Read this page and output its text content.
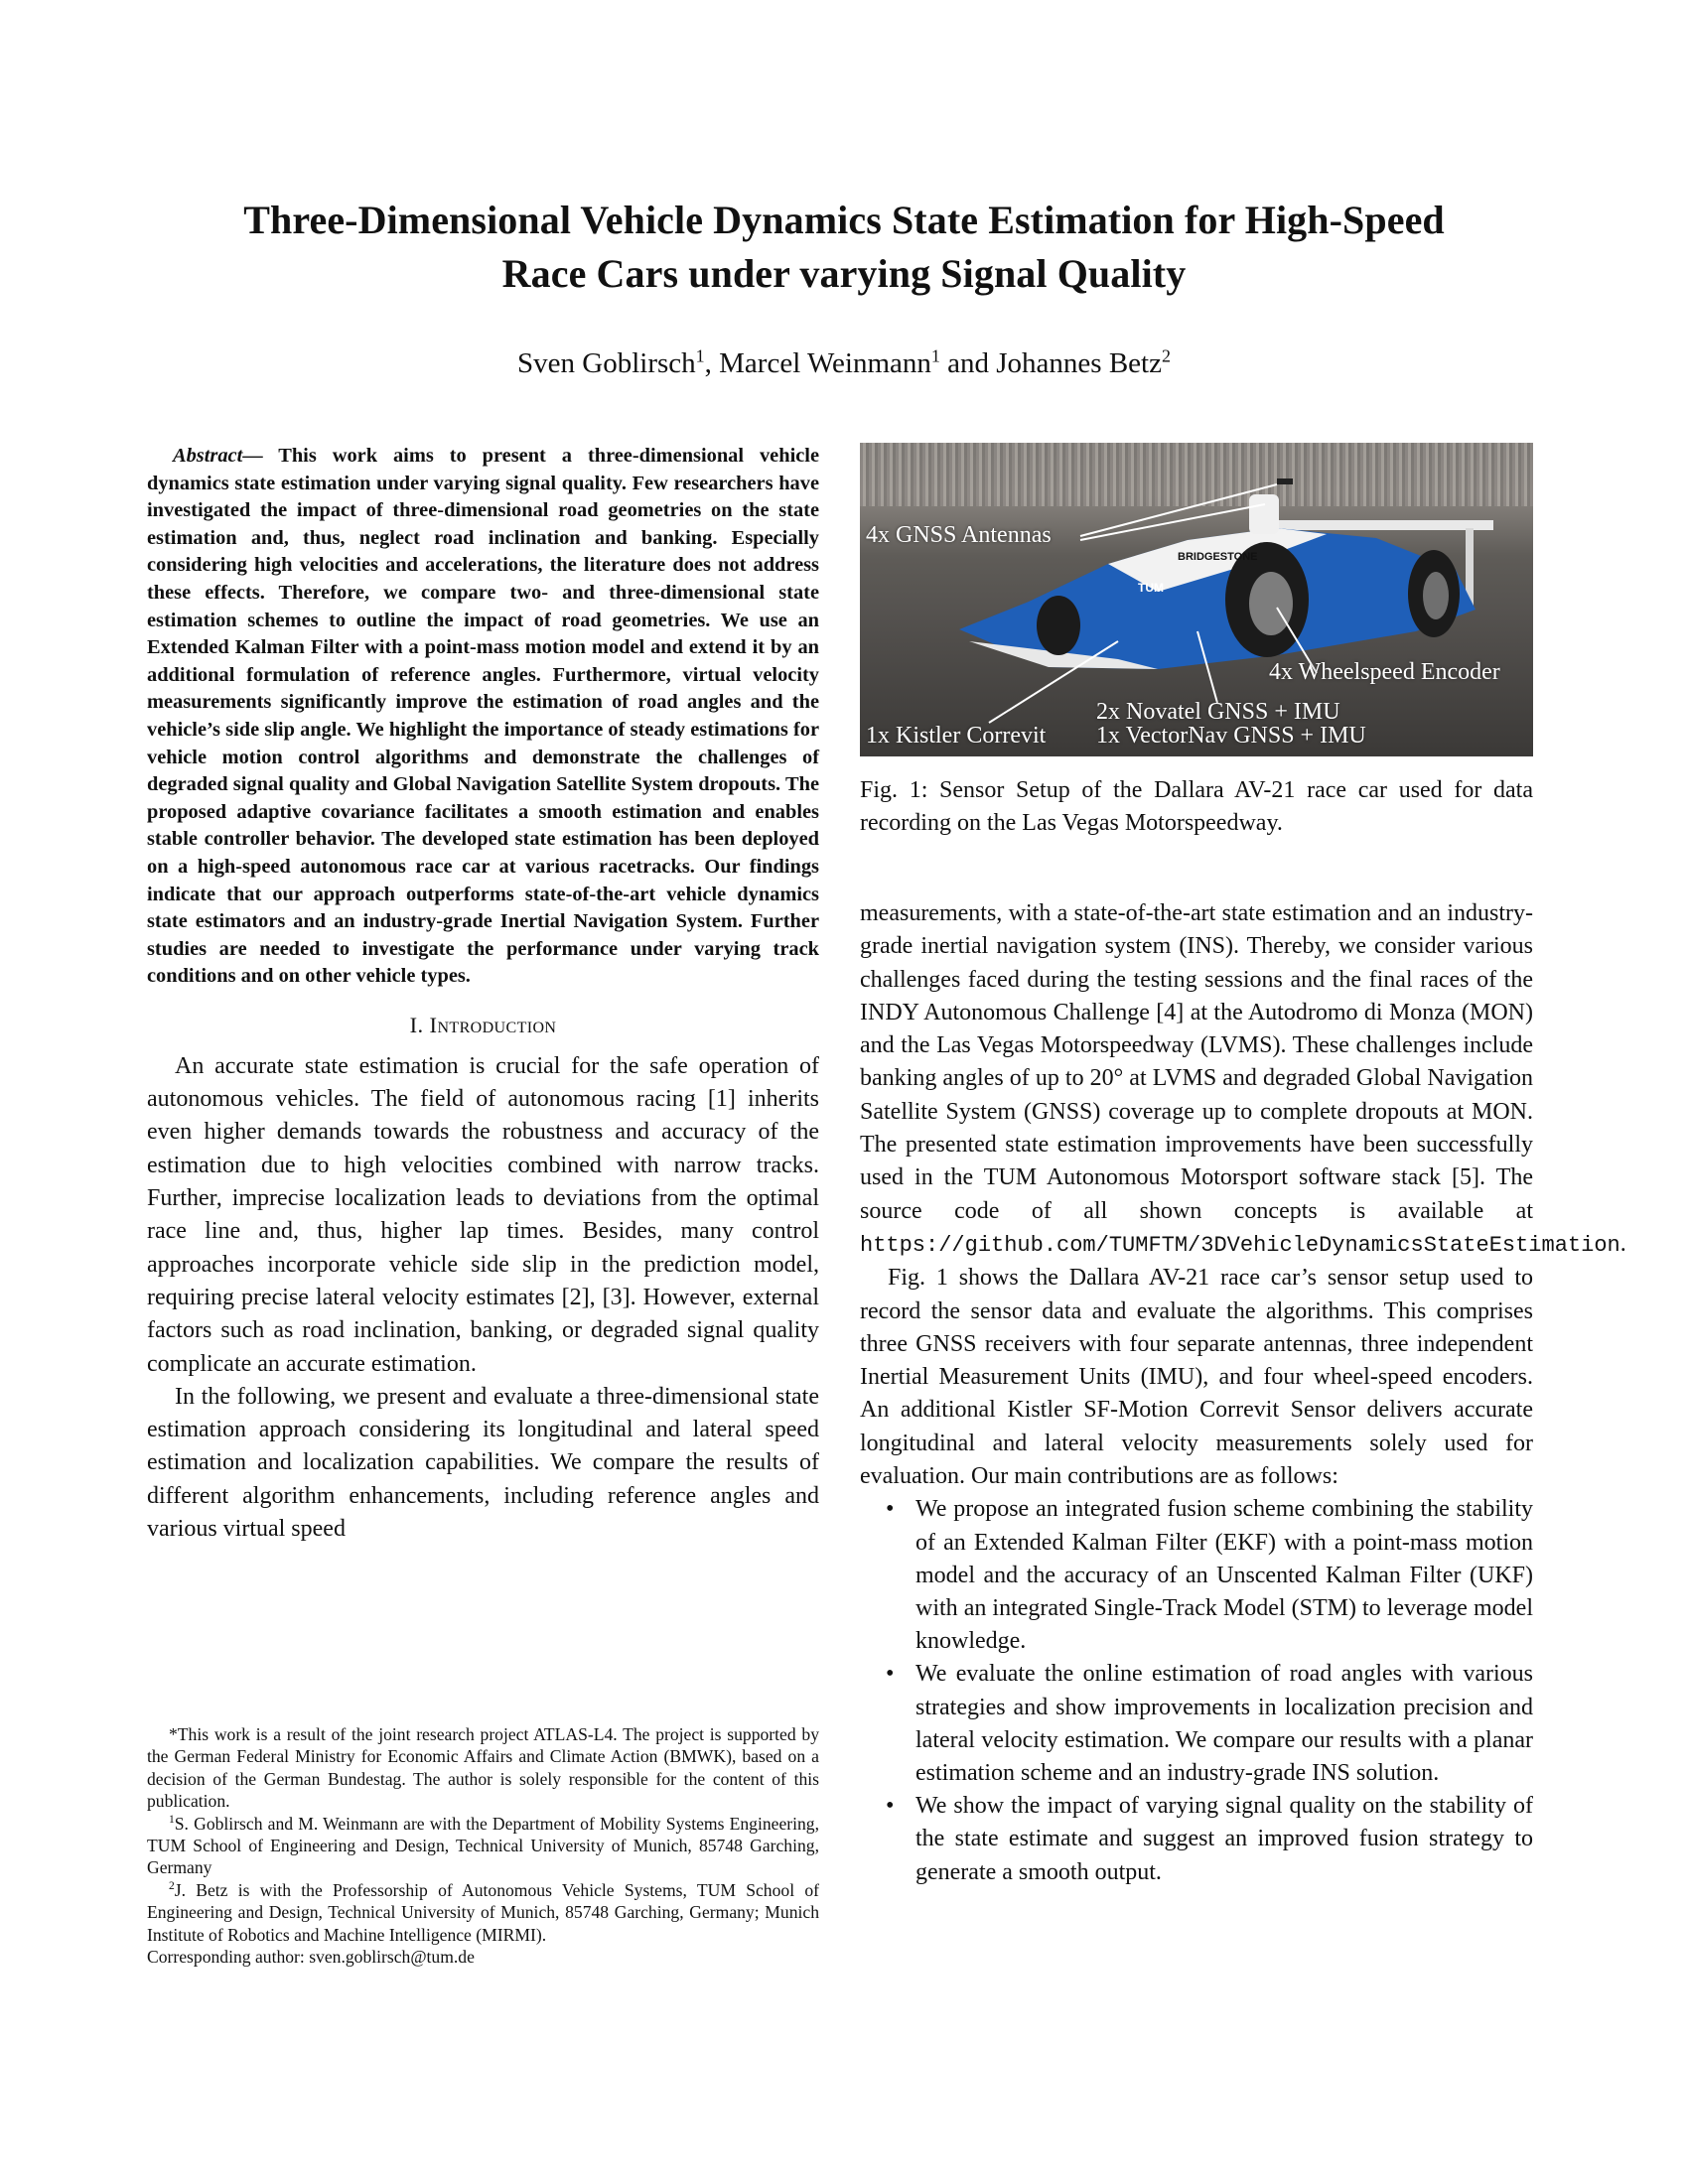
Three-Dimensional Vehicle Dynamics State Estimation for High-Speed
Race Cars under varying Signal Quality
Sven Goblirsch$^1$, Marcel Weinmann$^1$ and Johannes Betz$^2$

Abstract— This work aims to present a three-dimensional vehicle dynamics state estimation under varying signal quality. Few researchers have investigated the impact of three-dimensional road geometries on the state estimation and, thus, neglect road inclination and banking. Especially considering high velocities and accelerations, the literature does not address these effects. Therefore, we compare two- and three-dimensional state estimation schemes to outline the impact of road geometries. We use an Extended Kalman Filter with a point-mass motion model and extend it by an additional formulation of reference angles. Furthermore, virtual velocity measurements significantly improve the estimation of road angles and the vehicle’s side slip angle. We highlight the importance of steady estimations for vehicle motion control algorithms and demonstrate the challenges of degraded signal quality and Global Navigation Satellite System dropouts. The proposed adaptive covariance facilitates a smooth estimation and enables stable controller behavior. The developed state estimation has been deployed on a high-speed autonomous race car at various racetracks. Our findings indicate that our approach outperforms state-of-the-art vehicle dynamics state estimators and an industry-grade Inertial Navigation System. Further studies are needed to investigate the performance under varying track conditions and on other vehicle types.

I. Introduction

An accurate state estimation is crucial for the safe operation of autonomous vehicles. The field of autonomous racing [1] inherits even higher demands towards the robustness and accuracy of the estimation due to high velocities combined with narrow tracks. Further, imprecise localization leads to deviations from the optimal race line and, thus, higher lap times. Besides, many control approaches incorporate vehicle side slip in the prediction model, requiring precise lateral velocity estimates [2], [3]. However, external factors such as road inclination, banking, or degraded signal quality complicate an accurate estimation.

In the following, we present and evaluate a three-dimensional state estimation approach considering its longitudinal and lateral speed estimation and localization capabilities. We compare the results of different algorithm enhancements, including reference angles and various virtual speed

*This work is a result of the joint research project ATLAS-L4. The project is supported by the German Federal Ministry for Economic Affairs and Climate Action (BMWK), based on a decision of the German Bundestag. The author is solely responsible for the content of this publication.

$^1$S. Goblirsch and M. Weinmann are with the Department of Mobility Systems Engineering, TUM School of Engineering and Design, Technical University of Munich, 85748 Garching, Germany

$^2$J. Betz is with the Professorship of Autonomous Vehicle Systems, TUM School of Engineering and Design, Technical University of Munich, 85748 Garching, Germany; Munich Institute of Robotics and Machine Intelligence (MIRMI).

Corresponding author: sven.goblirsch@tum.de

BRIDGESTONE
TUM
4x GNSS Antennas
4x Wheelspeed Encoder
2x Novatel GNSS + IMU
1x VectorNav GNSS + IMU
1x Kistler Correvit

Fig. 1: Sensor Setup of the Dallara AV-21 race car used for data recording on the Las Vegas Motorspeedway.

measurements, with a state-of-the-art state estimation and an industry-grade inertial navigation system (INS). Thereby, we consider various challenges faced during the testing sessions and the final races of the INDY Autonomous Challenge [4] at the Autodromo di Monza (MON) and the Las Vegas Motorspeedway (LVMS). These challenges include banking angles of up to 20° at LVMS and degraded Global Navigation Satellite System (GNSS) coverage up to complete dropouts at MON. The presented state estimation improvements have been successfully used in the TUM Autonomous Motorsport software stack [5]. The source code of all shown concepts is available at https://github.com/TUMFTM/3DVehicleDynamicsStateEstimation.

Fig. 1 shows the Dallara AV-21 race car’s sensor setup used to record the sensor data and evaluate the algorithms. This comprises three GNSS receivers with four separate antennas, three independent Inertial Measurement Units (IMU), and four wheel-speed encoders. An additional Kistler SF-Motion Correvit Sensor delivers accurate longitudinal and lateral velocity measurements solely used for evaluation. Our main contributions are as follows:

• We propose an integrated fusion scheme combining the stability of an Extended Kalman Filter (EKF) with a point-mass motion model and the accuracy of an Unscented Kalman Filter (UKF) with an integrated Single-Track Model (STM) to leverage model knowledge.
• We evaluate the online estimation of road angles with various strategies and show improvements in localization precision and lateral velocity estimation. We compare our results with a planar estimation scheme and an industry-grade INS solution.
• We show the impact of varying signal quality on the stability of the state estimate and suggest an improved fusion strategy to generate a smooth output.
